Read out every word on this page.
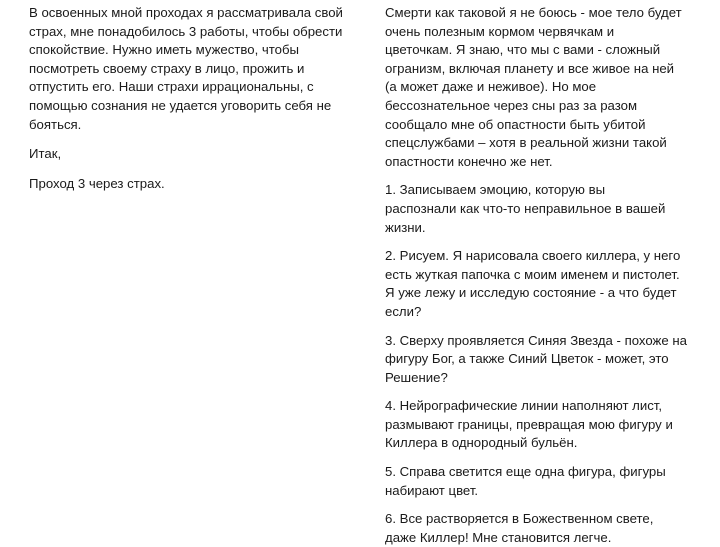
В освоенных мной проходах я рассматривала свой
страх, мне понадобилось 3 работы, чтобы обрести
спокойствие. Нужно иметь мужество, чтобы
посмотреть своему страху в лицо, прожить и
отпустить его. Наши страхи иррациональны, с
помощью сознания не удается уговорить себя не
бояться.

Итак,

Проход 3 через страх.

Смерти как таковой я не боюсь - мое тело будет
очень полезным кормом червячкам и
цветочкам. Я знаю, что мы с вами - сложный
огранизм, включая планету и все живое на ней
(а может даже и неживое). Но мое
бессознательное через сны раз за разом
сообщало мне об опастности быть убитой
спецслужбами – хотя в реальной жизни такой
опастности конечно же нет.

1. Записываем эмоцию, которую вы
распознали как что-то неправильное в вашей
жизни.

2. Рисуем. Я нарисовала своего киллера, у него
есть жуткая папочка с моим именем и пистолет.
Я уже лежу и исследую состояние - а что будет
если?

3. Сверху проявляется Синяя Звезда - похоже на
фигуру Бог, а также Синий Цветок - может, это
Решение?

4. Нейрографические линии наполняют лист,
размывают границы, превращая мою фигуру и
Киллера в однородный бульён.

5. Справа светится еще одна фигура, фигуры
набирают цвет.

6. Все растворяется в Божественном свете,
даже Киллер! Мне становится легче.
